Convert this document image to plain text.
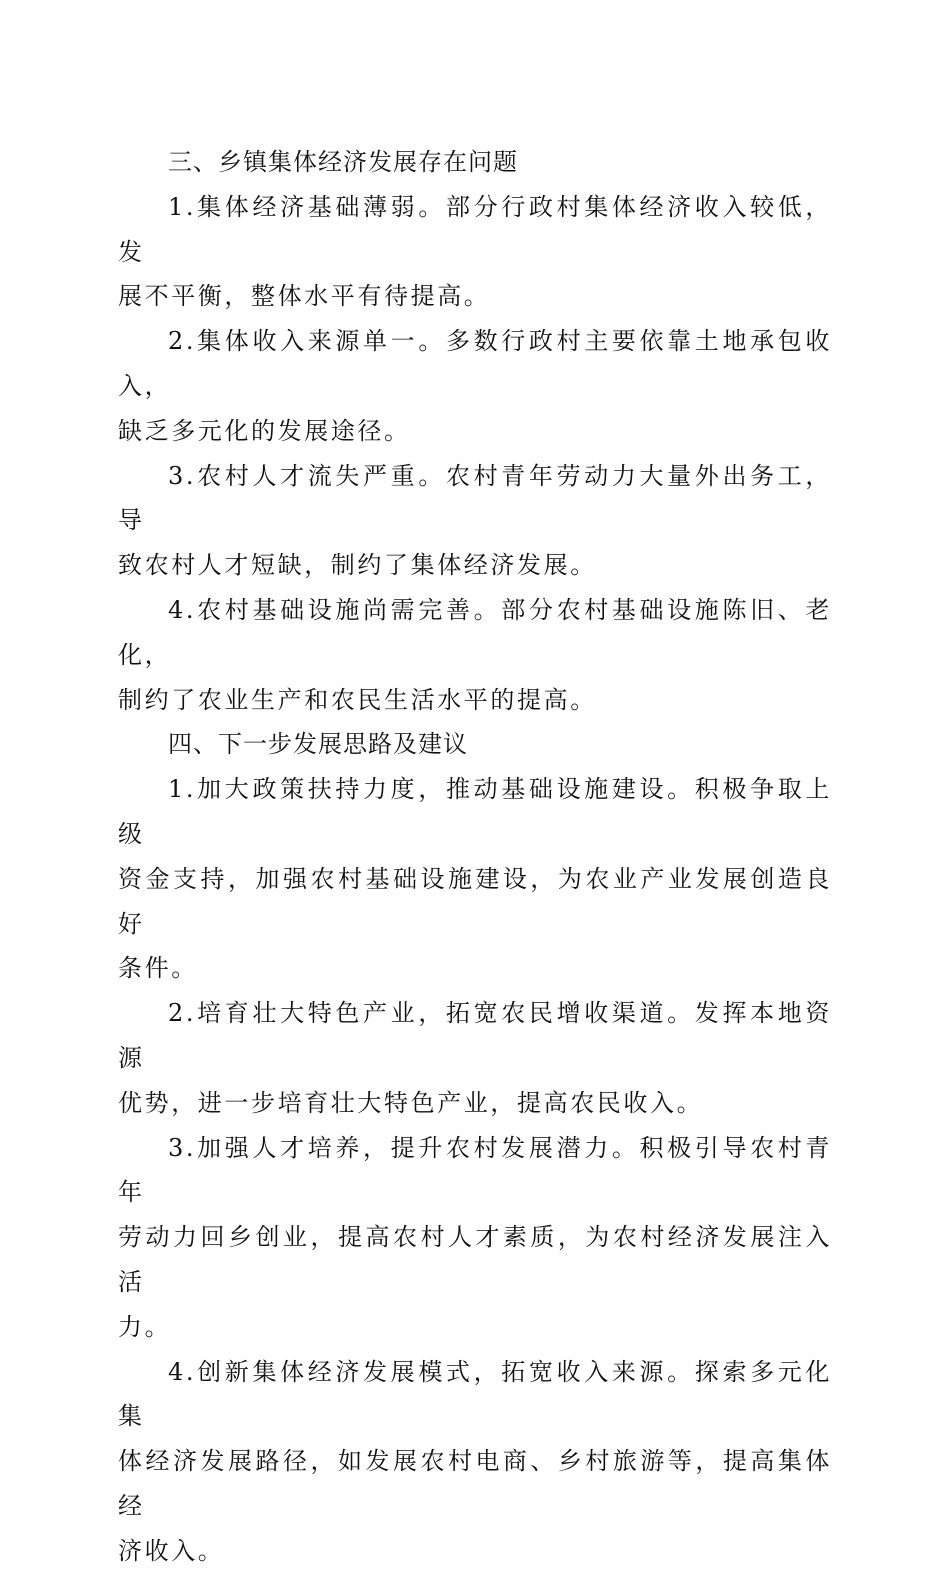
三、乡镇集体经济发展存在问题

1.集体经济基础薄弱。部分行政村集体经济收入较低，发
展不平衡，整体水平有待提高。

2.集体收入来源单一。多数行政村主要依靠土地承包收入，
缺乏多元化的发展途径。

3.农村人才流失严重。农村青年劳动力大量外出务工，导
致农村人才短缺，制约了集体经济发展。

4.农村基础设施尚需完善。部分农村基础设施陈旧、老化，
制约了农业生产和农民生活水平的提高。

四、下一步发展思路及建议

1.加大政策扶持力度，推动基础设施建设。积极争取上级
资金支持，加强农村基础设施建设，为农业产业发展创造良好
条件。

2.培育壮大特色产业，拓宽农民增收渠道。发挥本地资源
优势，进一步培育壮大特色产业，提高农民收入。

3.加强人才培养，提升农村发展潜力。积极引导农村青年
劳动力回乡创业，提高农村人才素质，为农村经济发展注入活
力。

4.创新集体经济发展模式，拓宽收入来源。探索多元化集
体经济发展路径，如发展农村电商、乡村旅游等，提高集体经
济收入。
